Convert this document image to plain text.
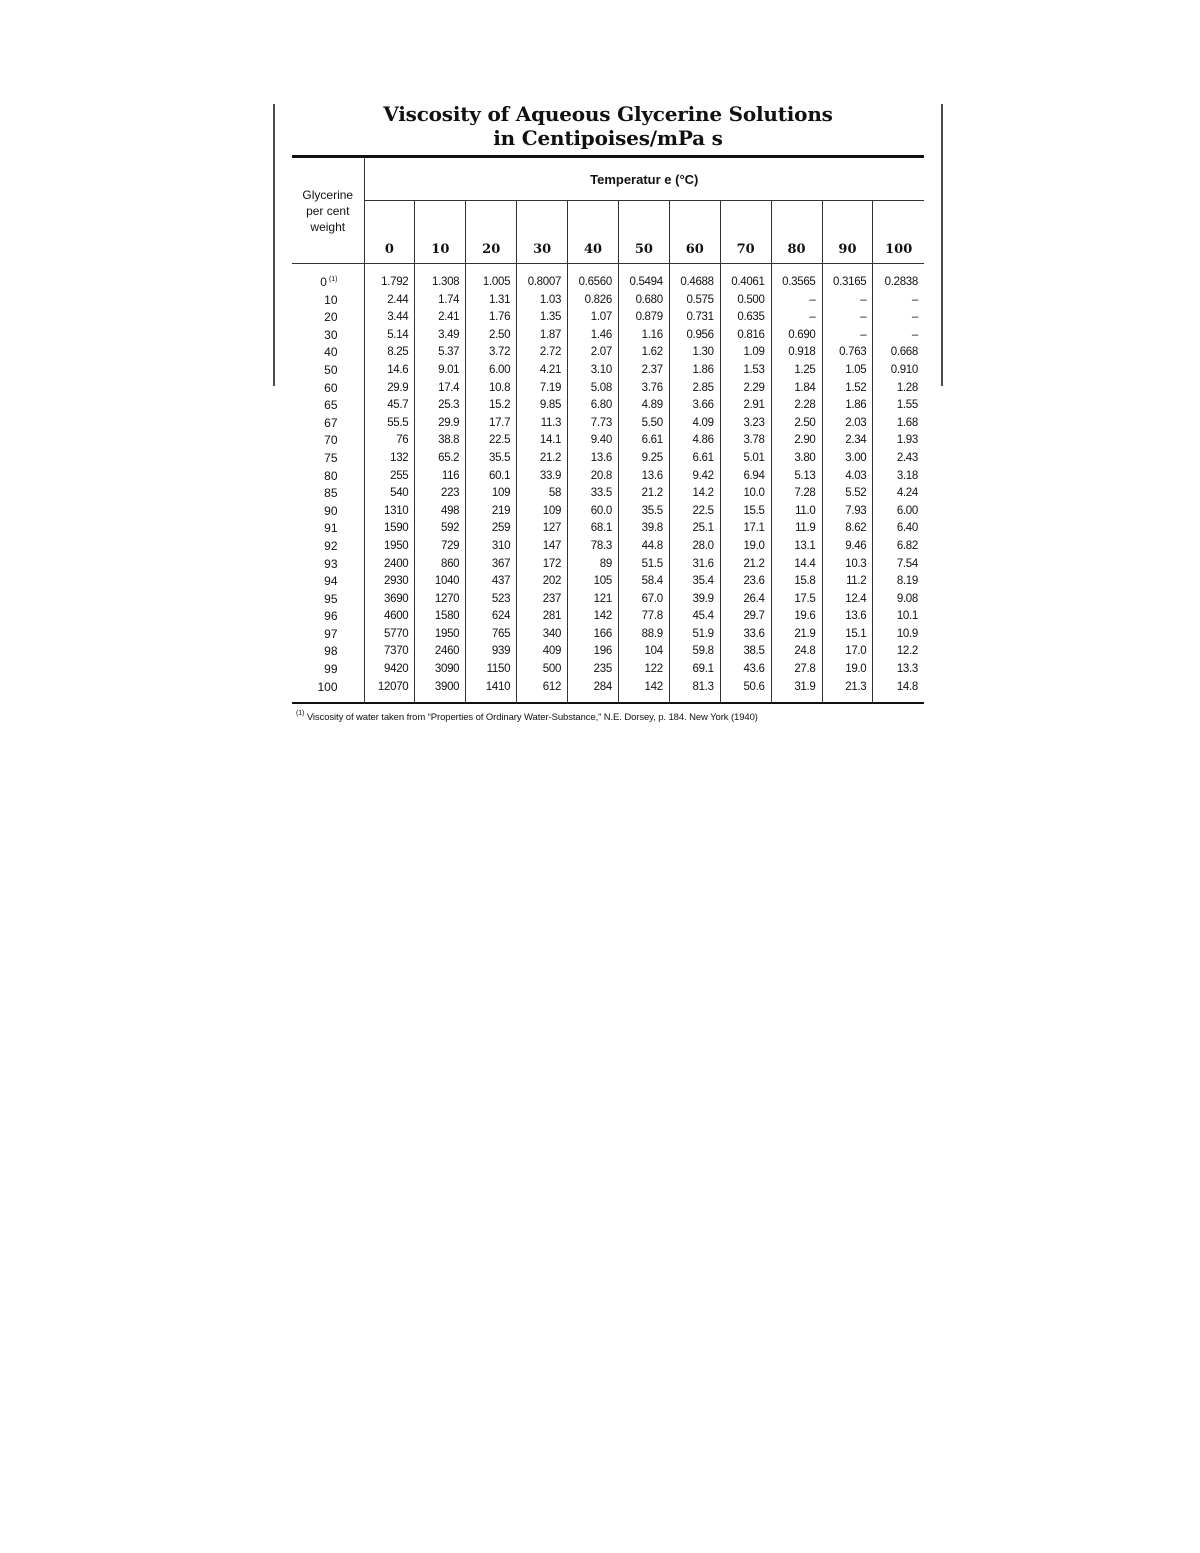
Viscosity of Aqueous Glycerine Solutions
in Centipoises/mPa s
Glycerine
per cent
weight	Temperatur e (°C)										
	0	10	20	30	40	50	60	70	80	90	100
0 $^{(1)}$	1.792	1.308	1.005	0.8007	0.6560	0.5494	0.4688	0.4061	0.3565	0.3165	0.2838
10	2.44	1.74	1.31	1.03	0.826	0.680	0.575	0.500	–	–	–
20	3.44	2.41	1.76	1.35	1.07	0.879	0.731	0.635	–	–	–
30	5.14	3.49	2.50	1.87	1.46	1.16	0.956	0.816	0.690	–	–
40	8.25	5.37	3.72	2.72	2.07	1.62	1.30	1.09	0.918	0.763	0.668
50	14.6	9.01	6.00	4.21	3.10	2.37	1.86	1.53	1.25	1.05	0.910
60	29.9	17.4	10.8	7.19	5.08	3.76	2.85	2.29	1.84	1.52	1.28
65	45.7	25.3	15.2	9.85	6.80	4.89	3.66	2.91	2.28	1.86	1.55
67	55.5	29.9	17.7	11.3	7.73	5.50	4.09	3.23	2.50	2.03	1.68
70	76	38.8	22.5	14.1	9.40	6.61	4.86	3.78	2.90	2.34	1.93
75	132	65.2	35.5	21.2	13.6	9.25	6.61	5.01	3.80	3.00	2.43
80	255	116	60.1	33.9	20.8	13.6	9.42	6.94	5.13	4.03	3.18
85	540	223	109	58	33.5	21.2	14.2	10.0	7.28	5.52	4.24
90	1310	498	219	109	60.0	35.5	22.5	15.5	11.0	7.93	6.00
91	1590	592	259	127	68.1	39.8	25.1	17.1	11.9	8.62	6.40
92	1950	729	310	147	78.3	44.8	28.0	19.0	13.1	9.46	6.82
93	2400	860	367	172	89	51.5	31.6	21.2	14.4	10.3	7.54
94	2930	1040	437	202	105	58.4	35.4	23.6	15.8	11.2	8.19
95	3690	1270	523	237	121	67.0	39.9	26.4	17.5	12.4	9.08
96	4600	1580	624	281	142	77.8	45.4	29.7	19.6	13.6	10.1
97	5770	1950	765	340	166	88.9	51.9	33.6	21.9	15.1	10.9
98	7370	2460	939	409	196	104	59.8	38.5	24.8	17.0	12.2
99	9420	3090	1150	500	235	122	69.1	43.6	27.8	19.0	13.3
100	12070	3900	1410	612	284	142	81.3	50.6	31.9	21.3	14.8
$^{(1)}$ Viscosity of water taken from “Properties of Ordinary Water-Substance,” N.E. Dorsey, p. 184. New York (1940)
